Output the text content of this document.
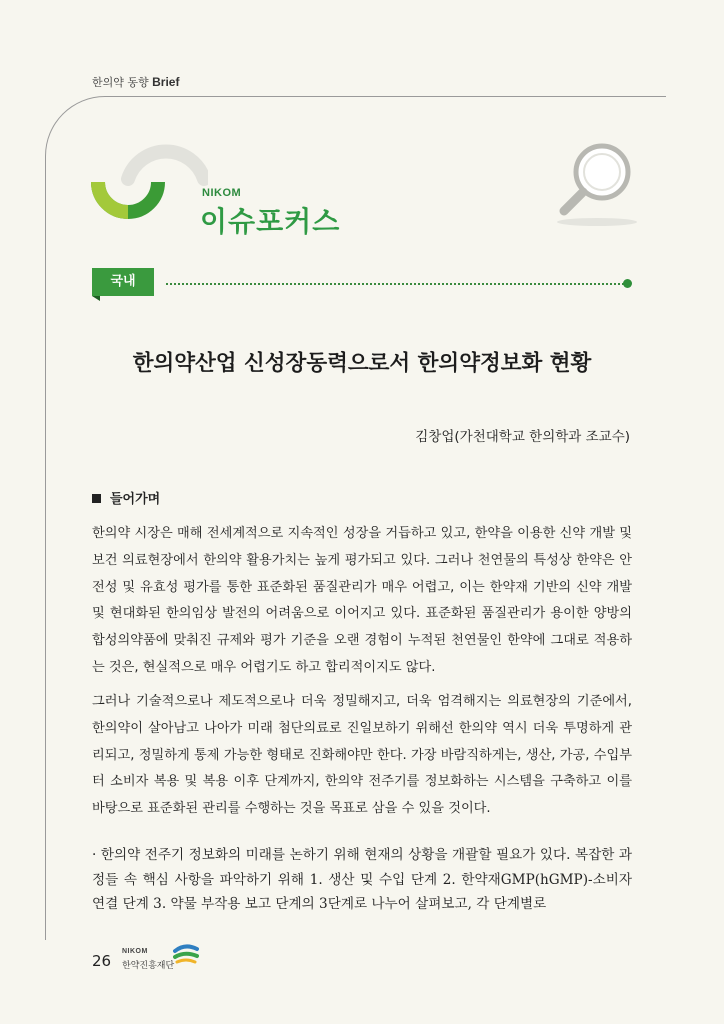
한의약 동향 Brief
NIKOM
이슈포커스
국내
한의약산업 신성장동력으로서 한의약정보화 현황
김창업(가천대학교 한의학과 조교수)
들어가며

한의약 시장은 매해 전세계적으로 지속적인 성장을 거듭하고 있고, 한약을 이용한 신약 개발 및 보건 의료현장에서 한의약 활용가치는 높게 평가되고 있다. 그러나 천연물의 특성상 한약은 안전성 및 유효성 평가를 통한 표준화된 품질관리가 매우 어렵고, 이는 한약재 기반의 신약 개발 및 현대화된 한의임상 발전의 어려움으로 이어지고 있다. 표준화된 품질관리가 용이한 양방의 합성의약품에 맞춰진 규제와 평가 기준을 오랜 경험이 누적된 천연물인 한약에 그대로 적용하는 것은, 현실적으로 매우 어렵기도 하고 합리적이지도 않다.

그러나 기술적으로나 제도적으로나 더욱 정밀해지고, 더욱 엄격해지는 의료현장의 기준에서, 한의약이 살아남고 나아가 미래 첨단의료로 진일보하기 위해선 한의약 역시 더욱 투명하게 관리되고, 정밀하게 통제 가능한 형태로 진화해야만 한다. 가장 바람직하게는, 생산, 가공, 수입부터 소비자 복용 및 복용 이후 단계까지, 한의약 전주기를 정보화하는 시스템을 구축하고 이를 바탕으로 표준화된 관리를 수행하는 것을 목표로 삼을 수 있을 것이다.

· 한의약 전주기 정보화의 미래를 논하기 위해 현재의 상황을 개괄할 필요가 있다. 복잡한 과정들 속 핵심 사항을 파악하기 위해 1. 생산 및 수입 단계 2. 한약재GMP(hGMP)-소비자 연결 단계 3. 약물 부작용 보고 단계의 3단계로 나누어 살펴보고, 각 단계별로

26
NIKOM
한약진흥재단
